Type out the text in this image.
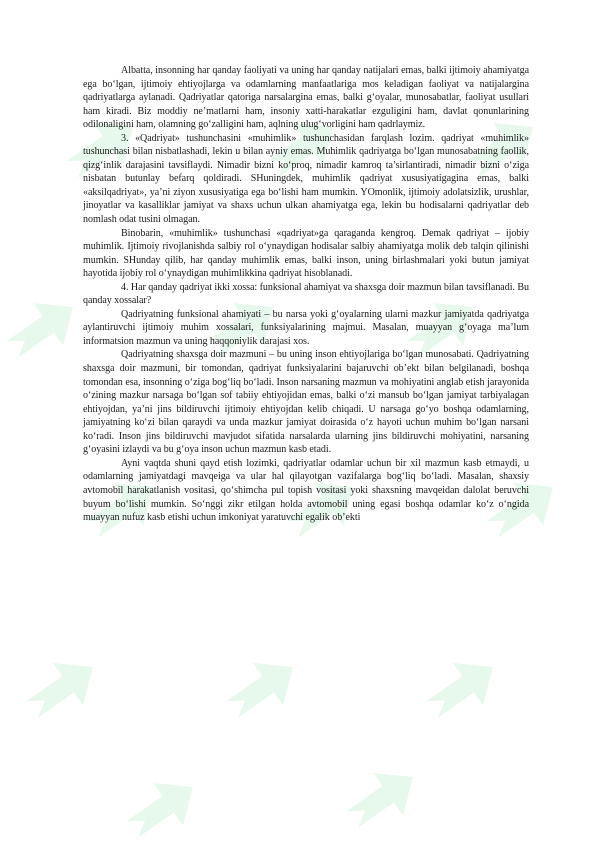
Albatta, insonning har qanday faoliyati va uning har qanday natijalari emas, balki ijtimoiy ahamiyatga ega bo‘lgan, ijtimoiy ehtiyojlarga va odamlarning manfaatlariga mos keladigan faoliyat va natijalargina qadriyatlarga aylanadi. Qadriyatlar qatoriga narsalargina emas, balki g‘oyalar, munosabatlar, faoliyat usullari ham kiradi. Biz moddiy ne’matlarni ham, insoniy xatti-harakatlar ezguligini ham, davlat qonunlarining odilonaligini ham, olamning go‘zalligini ham, aqlning ulug‘vorligini ham qadrlaymiz.

3. «Qadriyat» tushunchasini «muhimlik» tushunchasidan farqlash lozim. qadriyat «muhimlik» tushunchasi bilan nisbatlashadi, lekin u bilan ayniy emas. Muhimlik qadriyatga bo‘lgan munosabatning faollik, qizg‘inlik darajasini tavsiflaydi. Nimadir bizni ko‘proq, nimadir kamroq ta’sirlantiradi, nimadir bizni o‘ziga nisbatan butunlay befarq qoldiradi. SHuningdek, muhimlik qadriyat xususiyatigagina emas, balki «aksilqadriyat», ya’ni ziyon xususiyatiga ega bo‘lishi ham mumkin. YOmonlik, ijtimoiy adolatsizlik, urushlar, jinoyatlar va kasalliklar jamiyat va shaxs uchun ulkan ahamiyatga ega, lekin bu hodisalarni qadriyatlar deb nomlash odat tusini olmagan.

Binobarin, «muhimlik» tushunchasi «qadriyat»ga qaraganda kengroq. Demak qadriyat – ijobiy muhimlik. Ijtimoiy rivojlanishda salbiy rol o‘ynaydigan hodisalar salbiy ahamiyatga molik deb talqin qilinishi mumkin. SHunday qilib, har qanday muhimlik emas, balki inson, uning birlashmalari yoki butun jamiyat hayotida ijobiy rol o‘ynaydigan muhimlikkina qadriyat hisoblanadi.

4. Har qanday qadriyat ikki xossa: funksional ahamiyat va shaxsga doir mazmun bilan tavsiflanadi. Bu qanday xossalar?

Qadriyatning funksional ahamiyati – bu narsa yoki g‘oyalarning ularni mazkur jamiyatda qadriyatga aylantiruvchi ijtimoiy muhim xossalari, funksiyalarining majmui. Masalan, muayyan g‘oyaga ma’lum informatsion mazmun va uning haqqoniylik darajasi xos.

Qadriyatning shaxsga doir mazmuni – bu uning inson ehtiyojlariga bo‘lgan munosabati. Qadriyatning shaxsga doir mazmuni, bir tomondan, qadriyat funksiyalarini bajaruvchi ob’ekt bilan belgilanadi, boshqa tomondan esa, insonning o‘ziga bog‘liq bo‘ladi. Inson narsaning mazmun va mohiyatini anglab etish jarayonida o‘zining mazkur narsaga bo‘lgan sof tabiiy ehtiyojidan emas, balki o‘zi mansub bo‘lgan jamiyat tarbiyalagan ehtiyojdan, ya’ni jins bildiruvchi ijtimoiy ehtiyojdan kelib chiqadi. U narsaga go‘yo boshqa odamlarning, jamiyatning ko‘zi bilan qaraydi va unda mazkur jamiyat doirasida o‘z hayoti uchun muhim bo‘lgan narsani ko‘radi. Inson jins bildiruvchi mavjudot sifatida narsalarda ularning jins bildiruvchi mohiyatini, narsaning g‘oyasini izlaydi va bu g‘oya inson uchun mazmun kasb etadi.

Ayni vaqtda shuni qayd etish lozimki, qadriyatlar odamlar uchun bir xil mazmun kasb etmaydi, u odamlarning jamiyatdagi mavqeiga va ular hal qilayotgan vazifalarga bog‘liq bo‘ladi. Masalan, shaxsiy avtomobil harakatlanish vositasi, qo‘shimcha pul topish vositasi yoki shaxsning mavqeidan dalolat beruvchi buyum bo‘lishi mumkin. So‘nggi zikr etilgan holda avtomobil uning egasi boshqa odamlar ko‘z o‘ngida muayyan nufuz kasb etishi uchun imkoniyat yaratuvchi egalik ob’ekti
